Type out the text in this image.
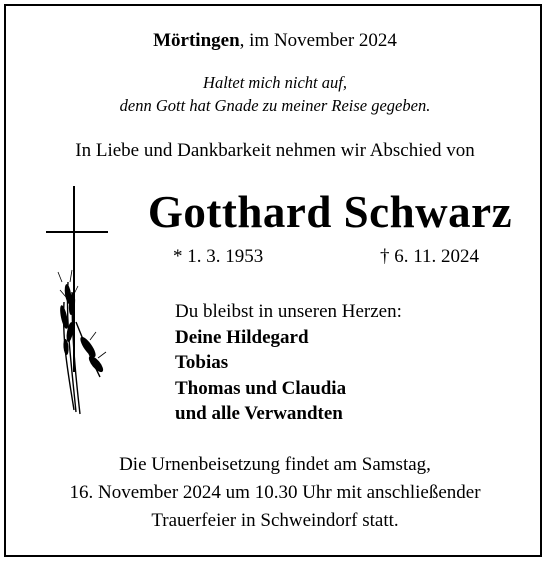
Mörtingen, im November 2024
Haltet mich nicht auf,
denn Gott hat Gnade zu meiner Reise gegeben.
In Liebe und Dankbarkeit nehmen wir Abschied von
Gotthard Schwarz
* 1. 3. 1953	† 6. 11. 2024
Du bleibst in unseren Herzen:
Deine Hildegard
Tobias
Thomas und Claudia
und alle Verwandten
Die Urnenbeisetzung findet am Samstag,
16. November 2024 um 10.30 Uhr mit anschließender
Trauerfeier in Schweindorf statt.
